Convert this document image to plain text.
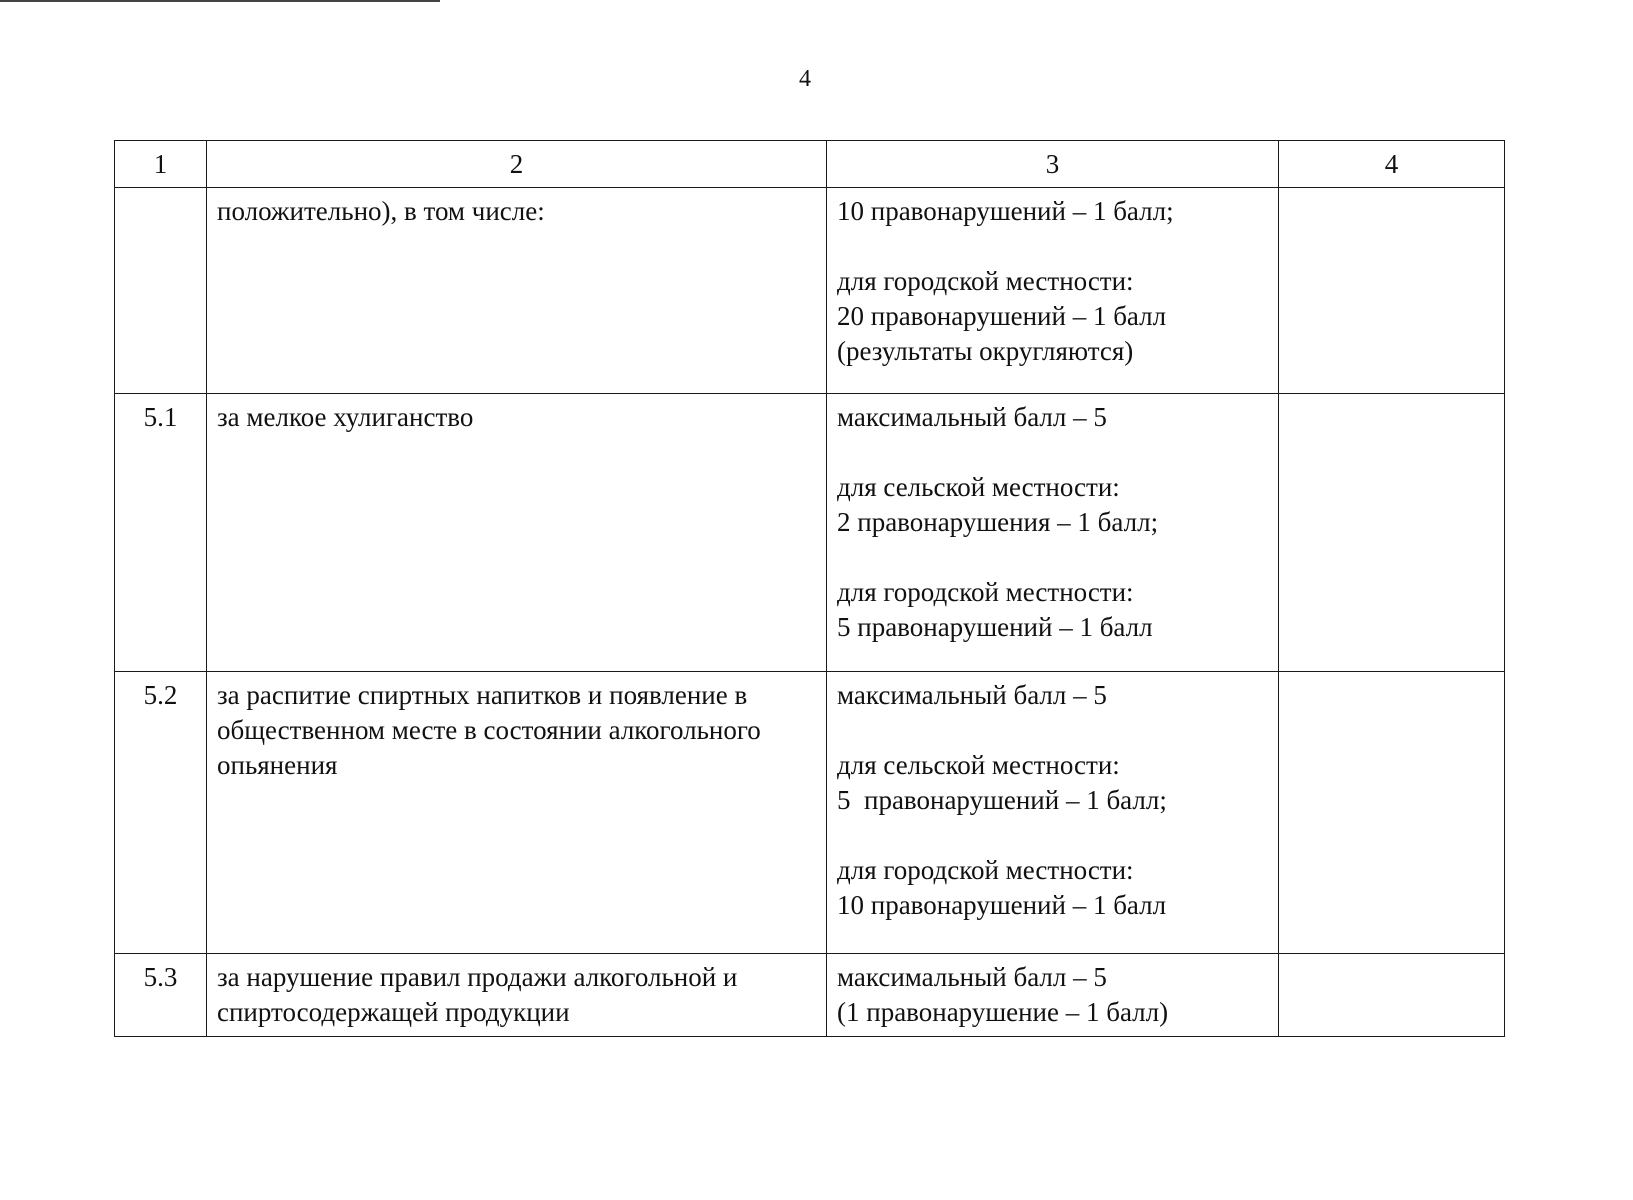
4
1	2	3	4
	положительно), в том числе:	10 правонарушений – 1 балл;
для городской местности:
20 правонарушений – 1 балл
(результаты округляются)	

5.1	за мелкое хулиганство	максимальный балл – 5
для сельской местности:
2 правонарушения – 1 балл;
для городской местности:
5 правонарушений – 1 балл	

5.2	за распитие спиртных напитков и появление в общественном месте в состоянии алкогольного опьянения	максимальный балл – 5
для сельской местности:
5  правонарушений – 1 балл;
для городской местности:
10 правонарушений – 1 балл	

5.3	за нарушение правил продажи алкогольной и спиртосодержащей продукции	максимальный балл – 5
(1 правонарушение – 1 балл)	
